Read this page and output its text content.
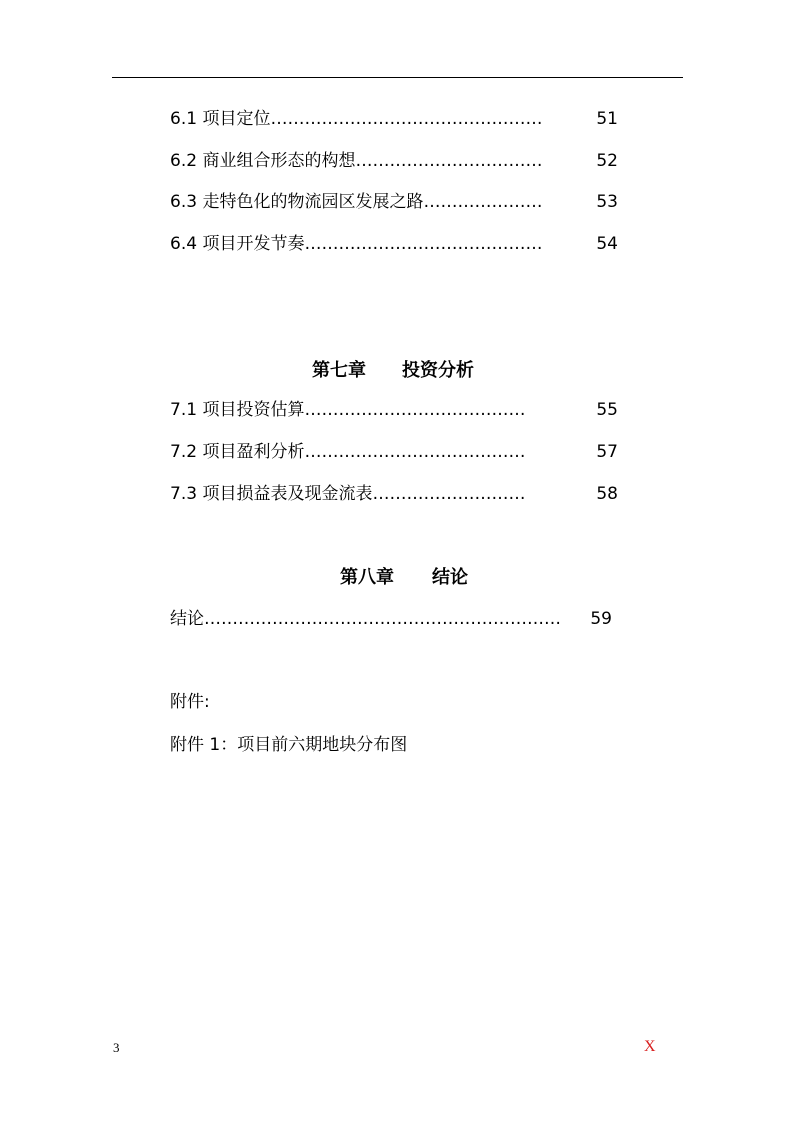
6.1 项目定位…………………………………………	51
6.2 商业组合形态的构想……………………………	52
6.3 走特色化的物流园区发展之路…………………	53
6.4 项目开发节奏……………………………………	54
第七章 投资分析
7.1 项目投资估算…………………………………	55
7.2 项目盈利分析…………………………………	57
7.3 项目损益表及现金流表………………………	58
第八章 结论
结论……………………………………………………… 59
附件:
附件 1：项目前六期地块分布图
3	X
